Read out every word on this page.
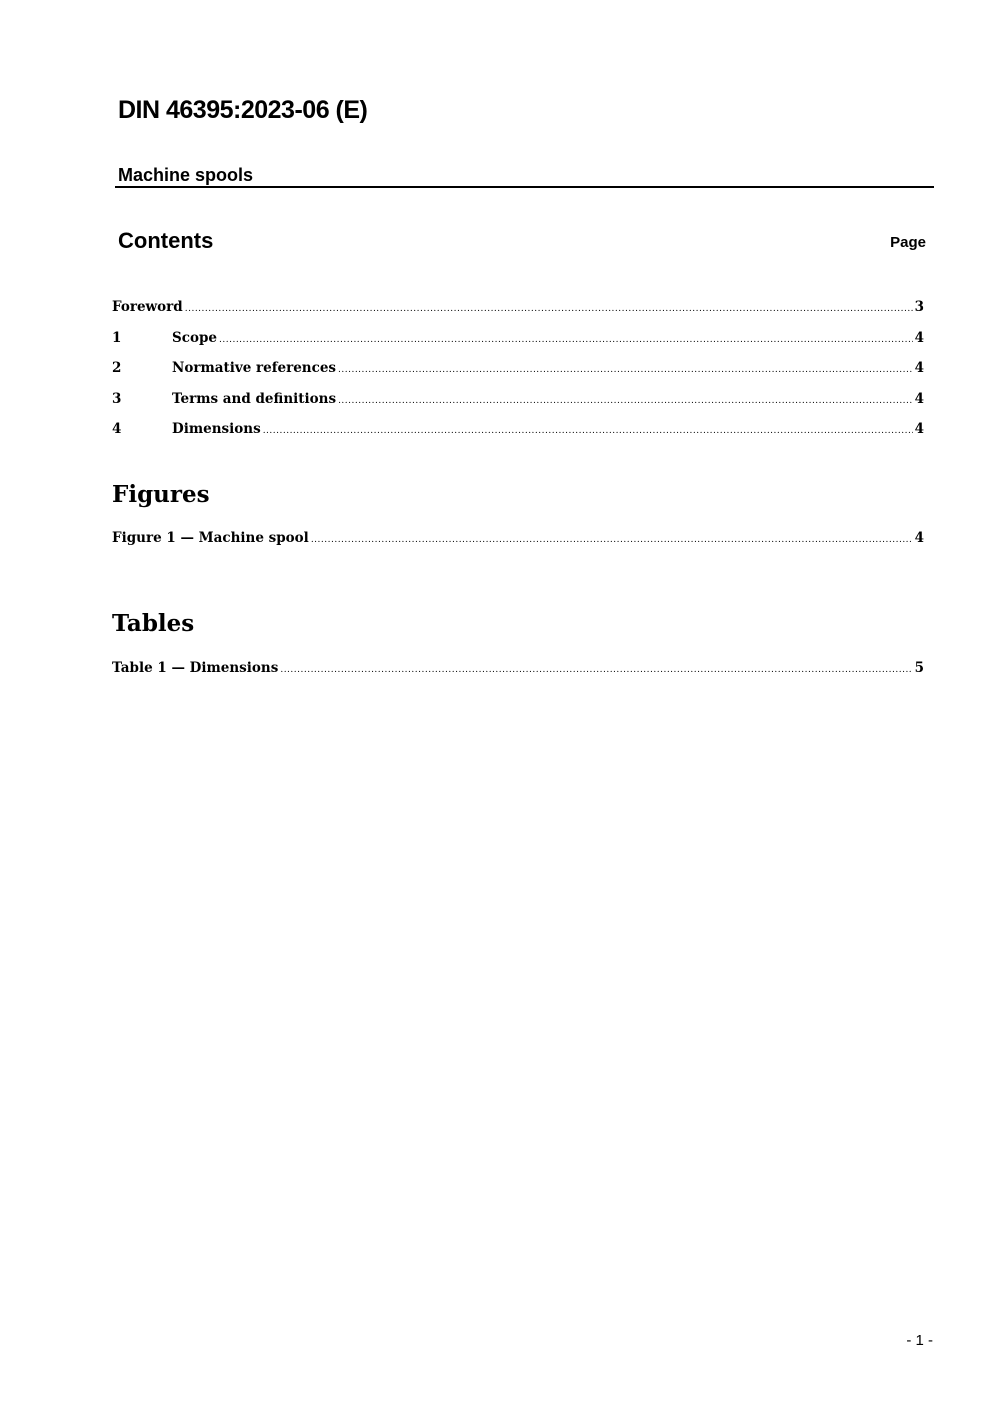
DIN 46395:2023-06 (E)
Machine spools
Contents	Page
Foreword .....	3
1	Scope .....	4
2	Normative references .....	4
3	Terms and definitions .....	4
4	Dimensions .....	4
Figures
Figure 1 — Machine spool .....	4
Tables
Table 1 — Dimensions .....	5
- 1 -
